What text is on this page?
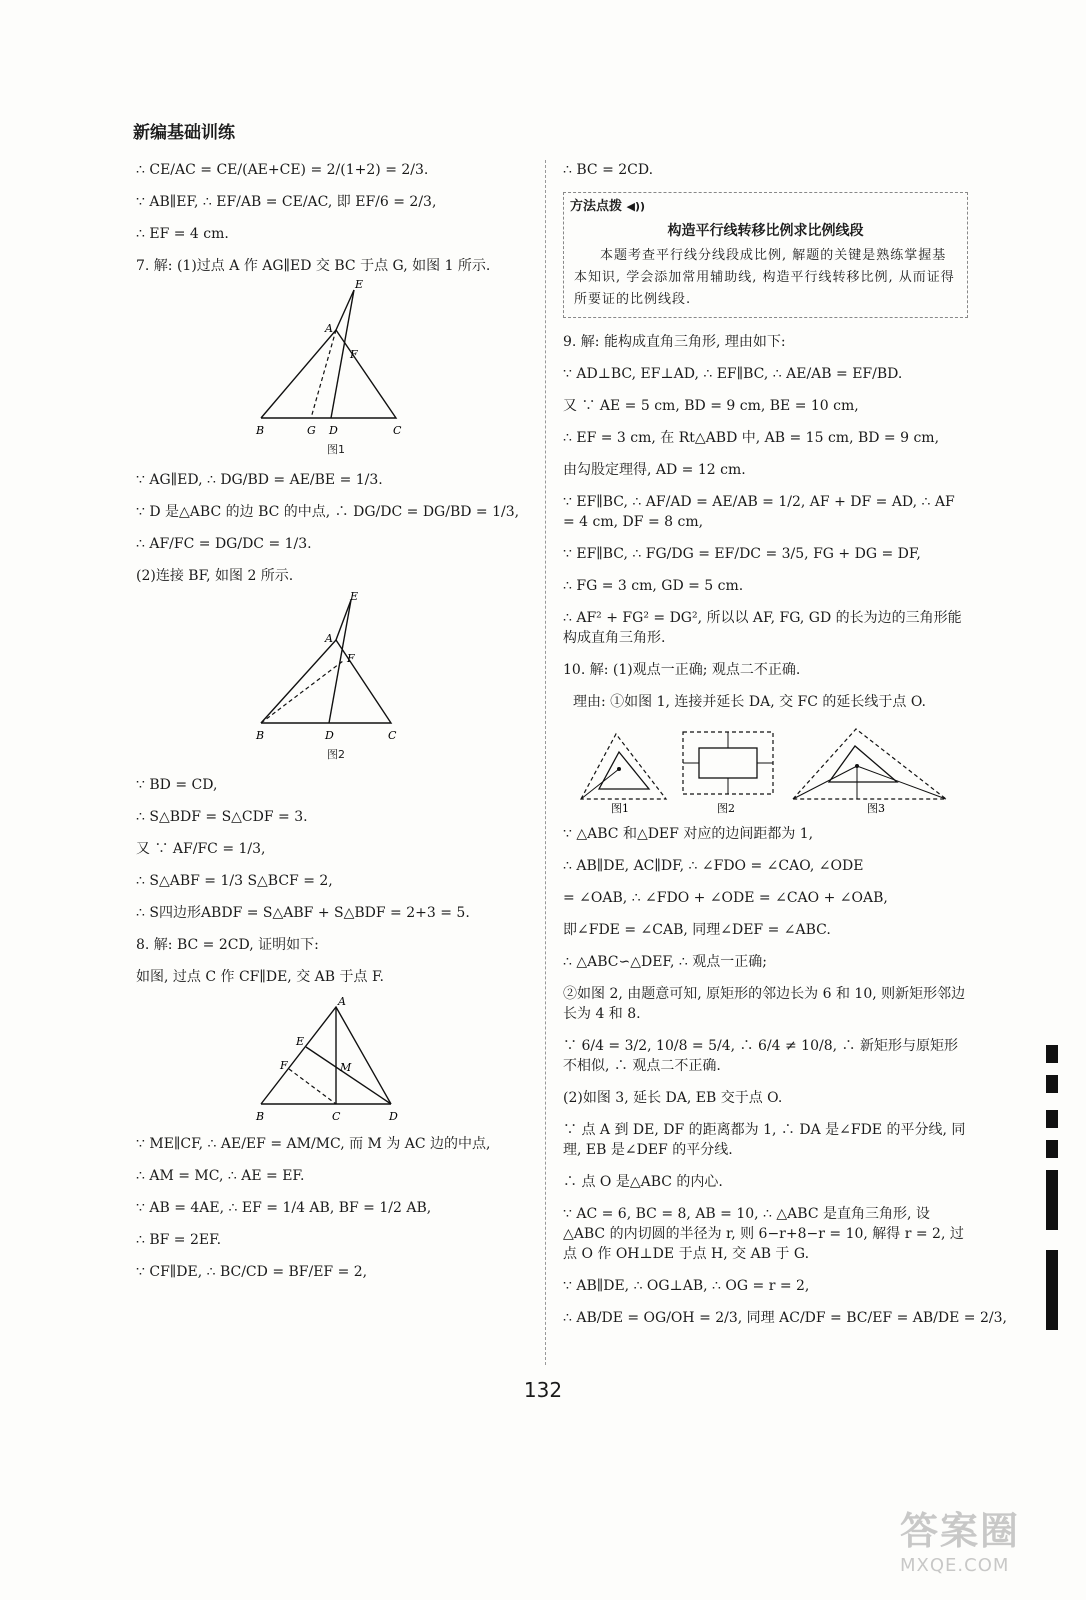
新编基础训练
∴ CE/AC = CE/(AE+CE) = 2/(1+2) = 2/3.
∵ AB∥EF, ∴ EF/AB = CE/AC, 即 EF/6 = 2/3,
∴ EF = 4 cm.
7. 解: (1)过点 A 作 AG∥ED 交 BC 于点 G, 如图 1 所示.
E
A
F
B	G D	C
图1
∵ AG∥ED, ∴ DG/BD = AE/BE = 1/3.
∵ D 是△ABC 的边 BC 的中点, ∴ DG/DC = DG/BD = 1/3,
∴ AF/FC = DG/DC = 1/3.
(2)连接 BF, 如图 2 所示.
E
A
F
B	D	C
图2
∵ BD = CD,
∴ S△BDF = S△CDF = 3.
又 ∵ AF/FC = 1/3,
∴ S△ABF = 1/3 S△BCF = 2,
∴ S四边形ABDF = S△ABF + S△BDF = 2+3 = 5.
8. 解: BC = 2CD, 证明如下:
如图, 过点 C 作 CF∥DE, 交 AB 于点 F.
A
E
F	M
B	C	D
∵ ME∥CF, ∴ AE/EF = AM/MC, 而 M 为 AC 边的中点,
∴ AM = MC, ∴ AE = EF.
∵ AB = 4AE, ∴ EF = 1/4 AB, BF = 1/2 AB,
∴ BF = 2EF.
∵ CF∥DE, ∴ BC/CD = BF/EF = 2,
∴ BC = 2CD.
方法点拨 ◀))
构造平行线转移比例求比例线段
本题考查平行线分线段成比例, 解题的关键是熟练掌握基本知识, 学会添加常用辅助线, 构造平行线转移比例, 从而证得所要证的比例线段.
9. 解: 能构成直角三角形, 理由如下:
∵ AD⊥BC, EF⊥AD, ∴ EF∥BC, ∴ AE/AB = EF/BD.
又 ∵ AE = 5 cm, BD = 9 cm, BE = 10 cm,
∴ EF = 3 cm, 在 Rt△ABD 中, AB = 15 cm, BD = 9 cm,
由勾股定理得, AD = 12 cm.
∵ EF∥BC, ∴ AF/AD = AE/AB = 1/2, AF + DF = AD, ∴ AF = 4 cm, DF = 8 cm,
∵ EF∥BC, ∴ FG/DG = EF/DC = 3/5, FG + DG = DF,
∴ FG = 3 cm, GD = 5 cm.
∴ AF² + FG² = DG², 所以以 AF, FG, GD 的长为边的三角形能构成直角三角形.
10. 解: (1)观点一正确; 观点二不正确.
理由: ①如图 1, 连接并延长 DA, 交 FC 的延长线于点 O.
图1	图2	图3
∵ △ABC 和△DEF 对应的边间距都为 1,
∴ AB∥DE, AC∥DF, ∴ ∠FDO = ∠CAO, ∠ODE
= ∠OAB, ∴ ∠FDO + ∠ODE = ∠CAO + ∠OAB,
即∠FDE = ∠CAB, 同理∠DEF = ∠ABC.
∴ △ABC∽△DEF, ∴ 观点一正确;
②如图 2, 由题意可知, 原矩形的邻边长为 6 和 10, 则新矩形邻边长为 4 和 8.
∵ 6/4 = 3/2, 10/8 = 5/4, ∴ 6/4 ≠ 10/8, ∴ 新矩形与原矩形不相似, ∴ 观点二不正确.
(2)如图 3, 延长 DA, EB 交于点 O.
∵ 点 A 到 DE, DF 的距离都为 1, ∴ DA 是∠FDE 的平分线, 同理, EB 是∠DEF 的平分线.
∴ 点 O 是△ABC 的内心.
∵ AC = 6, BC = 8, AB = 10, ∴ △ABC 是直角三角形, 设△ABC 的内切圆的半径为 r, 则 6−r+8−r = 10, 解得 r = 2, 过点 O 作 OH⊥DE 于点 H, 交 AB 于 G.
∵ AB∥DE, ∴ OG⊥AB, ∴ OG = r = 2,
∴ AB/DE = OG/OH = 2/3, 同理 AC/DF = BC/EF = AB/DE = 2/3,
132
答案圈
MXQE.COM
